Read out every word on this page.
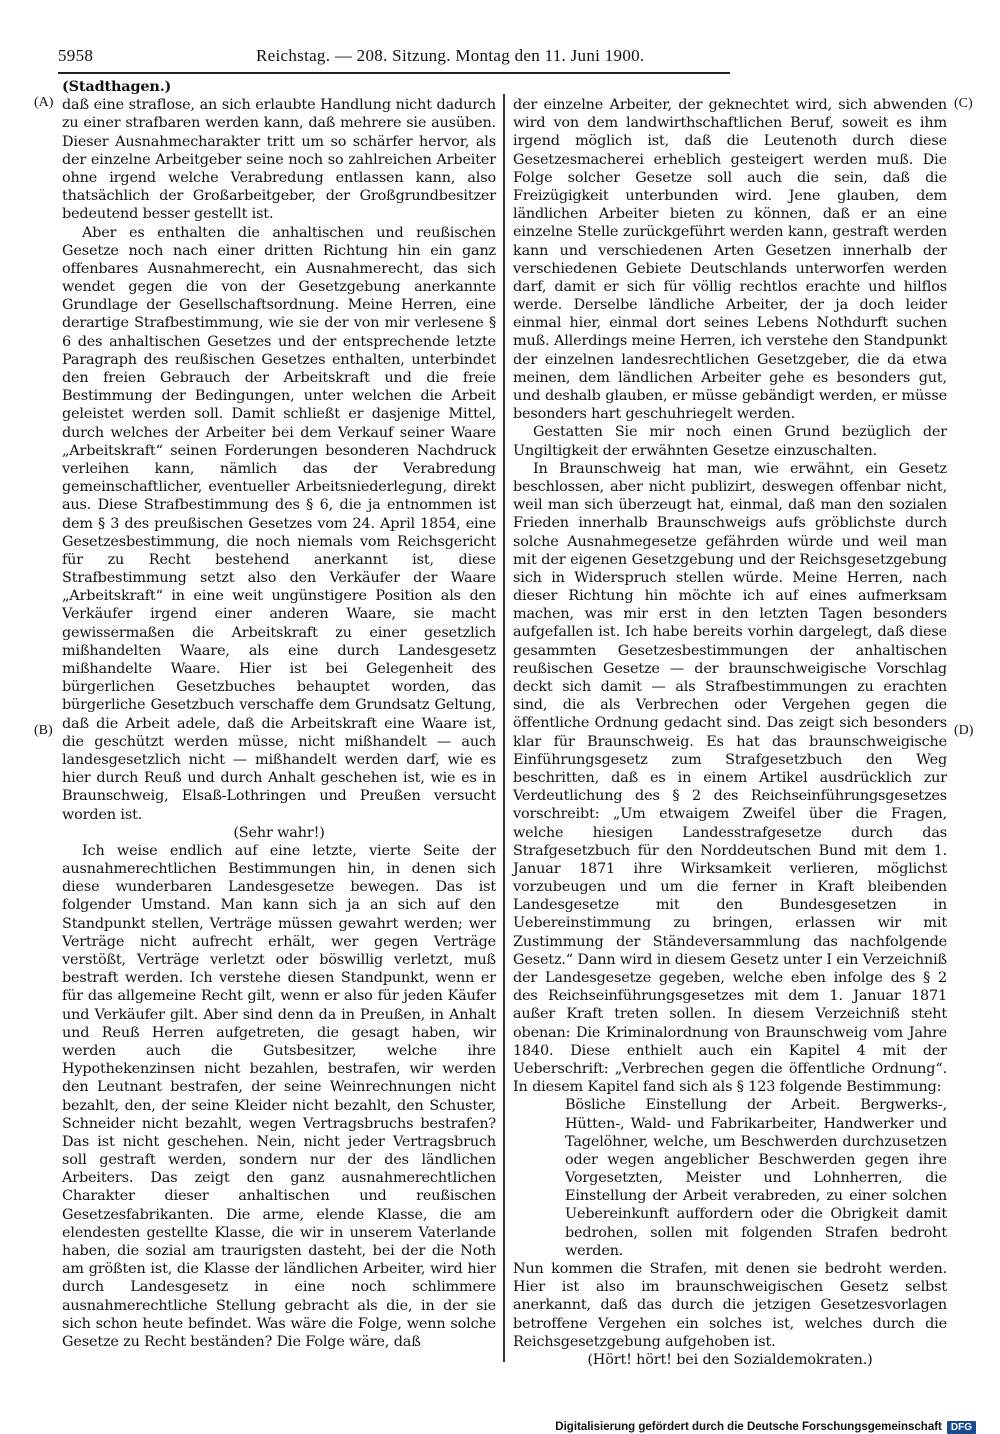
5958	Reichstag. — 208. Sitzung. Montag den 11. Juni 1900.
(A)
(B)
(C)
(D)

(Stadthagen.)

daß eine straflose, an sich erlaubte Handlung nicht dadurch zu einer strafbaren werden kann, daß mehrere sie ausüben. Dieser Ausnahmecharakter tritt um so schärfer hervor, als der einzelne Arbeitgeber seine noch so zahlreichen Arbeiter ohne irgend welche Verabredung entlassen kann, also thatsächlich der Großarbeitgeber, der Großgrundbesitzer bedeutend besser gestellt ist.

Aber es enthalten die anhaltischen und reußischen Gesetze noch nach einer dritten Richtung hin ein ganz offenbares Ausnahmerecht, ein Ausnahmerecht, das sich wendet gegen die von der Gesetzgebung anerkannte Grundlage der Gesellschaftsordnung. Meine Herren, eine derartige Strafbestimmung, wie sie der von mir verlesene § 6 des anhaltischen Gesetzes und der entsprechende letzte Paragraph des reußischen Gesetzes enthalten, unterbindet den freien Gebrauch der Arbeitskraft und die freie Bestimmung der Bedingungen, unter welchen die Arbeit geleistet werden soll. Damit schließt er dasjenige Mittel, durch welches der Arbeiter bei dem Verkauf seiner Waare „Arbeitskraft“ seinen Forderungen besonderen Nachdruck verleihen kann, nämlich das der Verabredung gemeinschaftlicher, eventueller Arbeitsniederlegung, direkt aus. Diese Strafbestimmung des § 6, die ja entnommen ist dem § 3 des preußischen Gesetzes vom 24. April 1854, eine Gesetzesbestimmung, die noch niemals vom Reichsgericht für zu Recht bestehend anerkannt ist, diese Strafbestimmung setzt also den Verkäufer der Waare „Arbeitskraft“ in eine weit ungünstigere Position als den Verkäufer irgend einer anderen Waare, sie macht gewissermaßen die Arbeitskraft zu einer gesetzlich mißhandelten Waare, als eine durch Landesgesetz mißhandelte Waare. Hier ist bei Gelegenheit des bürgerlichen Gesetzbuches behauptet worden, das bürgerliche Gesetzbuch verschaffe dem Grundsatz Geltung, daß die Arbeit adele, daß die Arbeitskraft eine Waare ist, die geschützt werden müsse, nicht mißhandelt — auch landesgesetzlich nicht — mißhandelt werden darf, wie es hier durch Reuß und durch Anhalt geschehen ist, wie es in Braunschweig, Elsaß-Lothringen und Preußen versucht worden ist.

(Sehr wahr!)

Ich weise endlich auf eine letzte, vierte Seite der ausnahmerechtlichen Bestimmungen hin, in denen sich diese wunderbaren Landesgesetze bewegen. Das ist folgender Umstand. Man kann sich ja an sich auf den Standpunkt stellen, Verträge müssen gewahrt werden; wer Verträge nicht aufrecht erhält, wer gegen Verträge verstößt, Verträge verletzt oder böswillig verletzt, muß bestraft werden. Ich verstehe diesen Standpunkt, wenn er für das allgemeine Recht gilt, wenn er also für jeden Käufer und Verkäufer gilt. Aber sind denn da in Preußen, in Anhalt und Reuß Herren aufgetreten, die gesagt haben, wir werden auch die Gutsbesitzer, welche ihre Hypothekenzinsen nicht bezahlen, bestrafen, wir werden den Leutnant bestrafen, der seine Weinrechnungen nicht bezahlt, den, der seine Kleider nicht bezahlt, den Schuster, Schneider nicht bezahlt, wegen Vertragsbruchs bestrafen? Das ist nicht geschehen. Nein, nicht jeder Vertragsbruch soll gestraft werden, sondern nur der des ländlichen Arbeiters. Das zeigt den ganz ausnahmerechtlichen Charakter dieser anhaltischen und reußischen Gesetzesfabrikanten. Die arme, elende Klasse, die am elendesten gestellte Klasse, die wir in unserem Vaterlande haben, die sozial am traurigsten dasteht, bei der die Noth am größten ist, die Klasse der ländlichen Arbeiter, wird hier durch Landesgesetz in eine noch schlimmere ausnahmerechtliche Stellung gebracht als die, in der sie sich schon heute befindet. Was wäre die Folge, wenn solche Gesetze zu Recht beständen? Die Folge wäre, daß

der einzelne Arbeiter, der geknechtet wird, sich abwenden wird von dem landwirthschaftlichen Beruf, soweit es ihm irgend möglich ist, daß die Leutenoth durch diese Gesetzesmacherei erheblich gesteigert werden muß. Die Folge solcher Gesetze soll auch die sein, daß die Freizügigkeit unterbunden wird. Jene glauben, dem ländlichen Arbeiter bieten zu können, daß er an eine einzelne Stelle zurückgeführt werden kann, gestraft werden kann und verschiedenen Arten Gesetzen innerhalb der verschiedenen Gebiete Deutschlands unterworfen werden darf, damit er sich für völlig rechtlos erachte und hilflos werde. Derselbe ländliche Arbeiter, der ja doch leider einmal hier, einmal dort seines Lebens Nothdurft suchen muß. Allerdings meine Herren, ich verstehe den Standpunkt der einzelnen landesrechtlichen Gesetzgeber, die da etwa meinen, dem ländlichen Arbeiter gehe es besonders gut, und deshalb glauben, er müsse gebändigt werden, er müsse besonders hart geschuhriegelt werden.

Gestatten Sie mir noch einen Grund bezüglich der Ungiltigkeit der erwähnten Gesetze einzuschalten.

In Braunschweig hat man, wie erwähnt, ein Gesetz beschlossen, aber nicht publizirt, deswegen offenbar nicht, weil man sich überzeugt hat, einmal, daß man den sozialen Frieden innerhalb Braunschweigs aufs gröblichste durch solche Ausnahmegesetze gefährden würde und weil man mit der eigenen Gesetzgebung und der Reichsgesetzgebung sich in Widerspruch stellen würde. Meine Herren, nach dieser Richtung hin möchte ich auf eines aufmerksam machen, was mir erst in den letzten Tagen besonders aufgefallen ist. Ich habe bereits vorhin dargelegt, daß diese gesammten Gesetzesbestimmungen der anhaltischen reußischen Gesetze — der braunschweigische Vorschlag deckt sich damit — als Strafbestimmungen zu erachten sind, die als Verbrechen oder Vergehen gegen die öffentliche Ordnung gedacht sind. Das zeigt sich besonders klar für Braunschweig. Es hat das braunschweigische Einführungsgesetz zum Strafgesetzbuch den Weg beschritten, daß es in einem Artikel ausdrücklich zur Verdeutlichung des § 2 des Reichseinführungsgesetzes vorschreibt: „Um etwaigem Zweifel über die Fragen, welche hiesigen Landesstrafgesetze durch das Strafgesetzbuch für den Norddeutschen Bund mit dem 1. Januar 1871 ihre Wirksamkeit verlieren, möglichst vorzubeugen und um die ferner in Kraft bleibenden Landesgesetze mit den Bundesgesetzen in Uebereinstimmung zu bringen, erlassen wir mit Zustimmung der Ständeversammlung das nachfolgende Gesetz.“ Dann wird in diesem Gesetz unter I ein Verzeichniß der Landesgesetze gegeben, welche eben infolge des § 2 des Reichseinführungsgesetzes mit dem 1. Januar 1871 außer Kraft treten sollen. In diesem Verzeichniß steht obenan: Die Kriminalordnung von Braunschweig vom Jahre 1840. Diese enthielt auch ein Kapitel 4 mit der Ueberschrift: „Verbrechen gegen die öffentliche Ordnung“. In diesem Kapitel fand sich als § 123 folgende Bestimmung:

Bösliche Einstellung der Arbeit. Bergwerks-, Hütten-, Wald- und Fabrikarbeiter, Handwerker und Tagelöhner, welche, um Beschwerden durchzusetzen oder wegen angeblicher Beschwerden gegen ihre Vorgesetzten, Meister und Lohnherren, die Einstellung der Arbeit verabreden, zu einer solchen Uebereinkunft auffordern oder die Obrigkeit damit bedrohen, sollen mit folgenden Strafen bedroht werden.

Nun kommen die Strafen, mit denen sie bedroht werden. Hier ist also im braunschweigischen Gesetz selbst anerkannt, daß das durch die jetzigen Gesetzesvorlagen betroffene Vergehen ein solches ist, welches durch die Reichsgesetzgebung aufgehoben ist.

(Hört! hört! bei den Sozialdemokraten.)

Digitalisierung gefördert durch die Deutsche Forschungsgemeinschaft DFG
